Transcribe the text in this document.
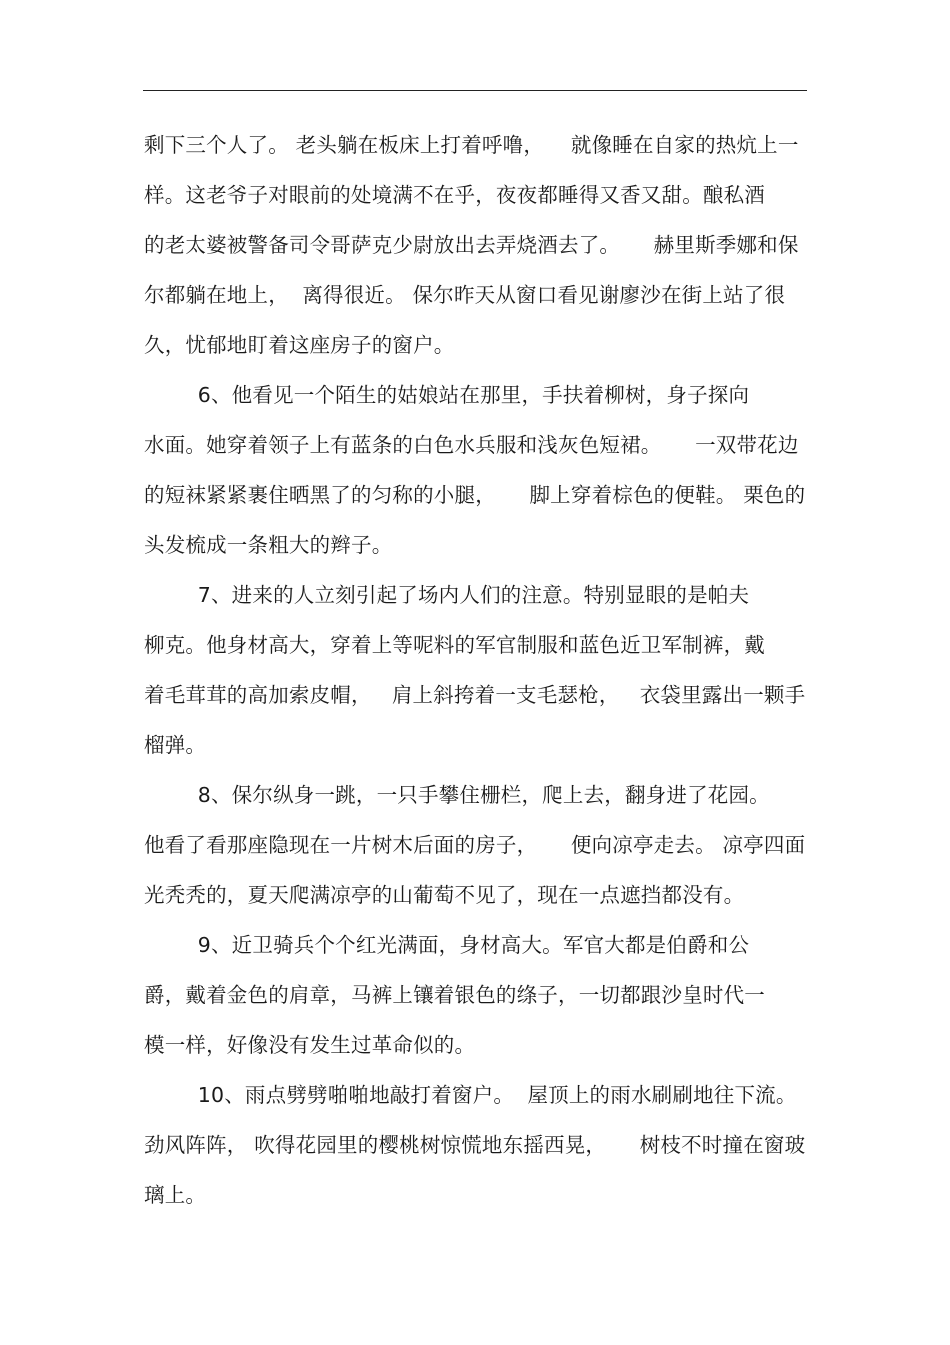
剩下三个人了。 老头躺在板床上打着呼噜，    就像睡在自家的热炕上一
样。这老爷子对眼前的处境满不在乎，夜夜都睡得又香又甜。酿私酒
的老太婆被警备司令哥萨克少尉放出去弄烧酒去了。     赫里斯季娜和保
尔都躺在地上，  离得很近。 保尔昨天从窗口看见谢廖沙在街上站了很
久，忧郁地盯着这座房子的窗户。
6、他看见一个陌生的姑娘站在那里，手扶着柳树，身子探向
水面。她穿着领子上有蓝条的白色水兵服和浅灰色短裙。     一双带花边
的短袜紧紧裹住晒黑了的匀称的小腿，     脚上穿着棕色的便鞋。 栗色的
头发梳成一条粗大的辫子。
7、进来的人立刻引起了场内人们的注意。特别显眼的是帕夫
柳克。他身材高大，穿着上等呢料的军官制服和蓝色近卫军制裤，戴
着毛茸茸的高加索皮帽，   肩上斜挎着一支毛瑟枪，   衣袋里露出一颗手
榴弹。
8、保尔纵身一跳，一只手攀住栅栏，爬上去，翻身进了花园。
他看了看那座隐现在一片树木后面的房子，     便向凉亭走去。 凉亭四面
光秃秃的，夏天爬满凉亭的山葡萄不见了，现在一点遮挡都没有。
9、近卫骑兵个个红光满面，身材高大。军官大都是伯爵和公
爵，戴着金色的肩章，马裤上镶着银色的绦子，一切都跟沙皇时代一
模一样，好像没有发生过革命似的。
10、雨点劈劈啪啪地敲打着窗户。  屋顶上的雨水刷刷地往下流。
劲风阵阵， 吹得花园里的樱桃树惊慌地东摇西晃，     树枝不时撞在窗玻
璃上。
